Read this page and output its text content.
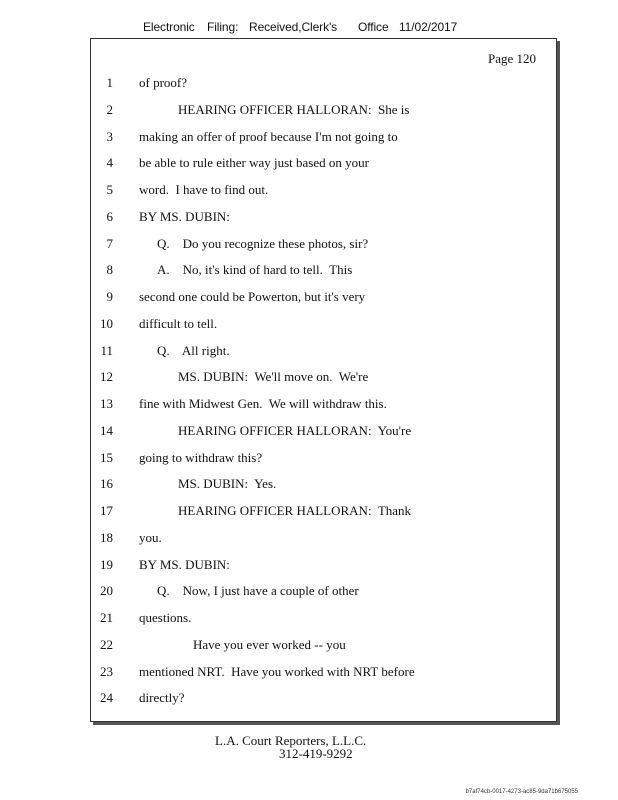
Electronic Filing: Received,Clerk's Office 11/02/2017
Page 120
1 of proof?
2	HEARING OFFICER HALLORAN:  She is
3 making an offer of proof because I'm not going to
4 be able to rule either way just based on your
5 word.  I have to find out.
6 BY MS. DUBIN:
7	Q.    Do you recognize these photos, sir?
8	A.    No, it's kind of hard to tell.  This
9 second one could be Powerton, but it's very
10 difficult to tell.
11	Q.    All right.
12	MS. DUBIN:  We'll move on.  We're
13 fine with Midwest Gen.  We will withdraw this.
14	HEARING OFFICER HALLORAN:  You're
15 going to withdraw this?
16	MS. DUBIN:  Yes.
17	HEARING OFFICER HALLORAN:  Thank
18 you.
19 BY MS. DUBIN:
20	Q.    Now, I just have a couple of other
21 questions.
22	Have you ever worked -- you
23 mentioned NRT.  Have you worked with NRT before
24 directly?
L.A. Court Reporters, L.L.C.
312-419-9292
b7af74cb-0017-4273-ac85-9da71b675055
